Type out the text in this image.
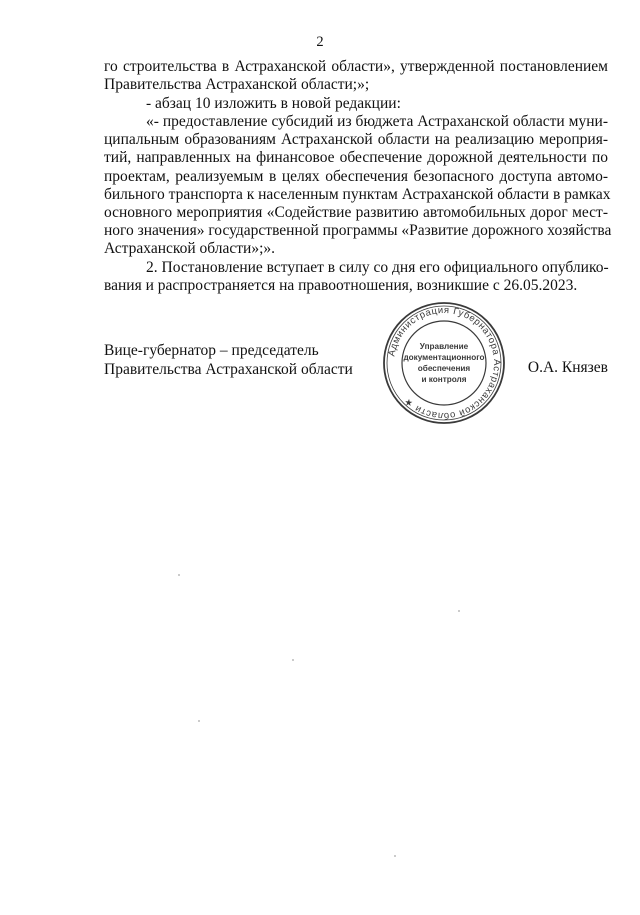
2
го строительства в Астраханской области», утвержденной постановлением
Правительства Астраханской области;»;
- абзац 10 изложить в новой редакции:
«- предоставление субсидий из бюджета Астраханской области муни-
ципальным образованиям Астраханской области на реализацию мероприя-
тий, направленных на финансовое обеспечение дорожной деятельности по
проектам, реализуемым в целях обеспечения безопасного доступа автомо-
бильного транспорта к населенным пунктам Астраханской области в рамках
основного мероприятия «Содействие развитию автомобильных дорог мест-
ного значения» государственной программы «Развитие дорожного хозяйства
Астраханской области»;».
2. Постановление вступает в силу со дня его официального опублико-
вания и распространяется на правоотношения, возникшие с 26.05.2023.
Вице-губернатор – председатель
Правительства Астраханской области	О.А. Князев
Администрация Губернатора Астраханской области ★
Управление
документационного
обеспечения
и контроля
